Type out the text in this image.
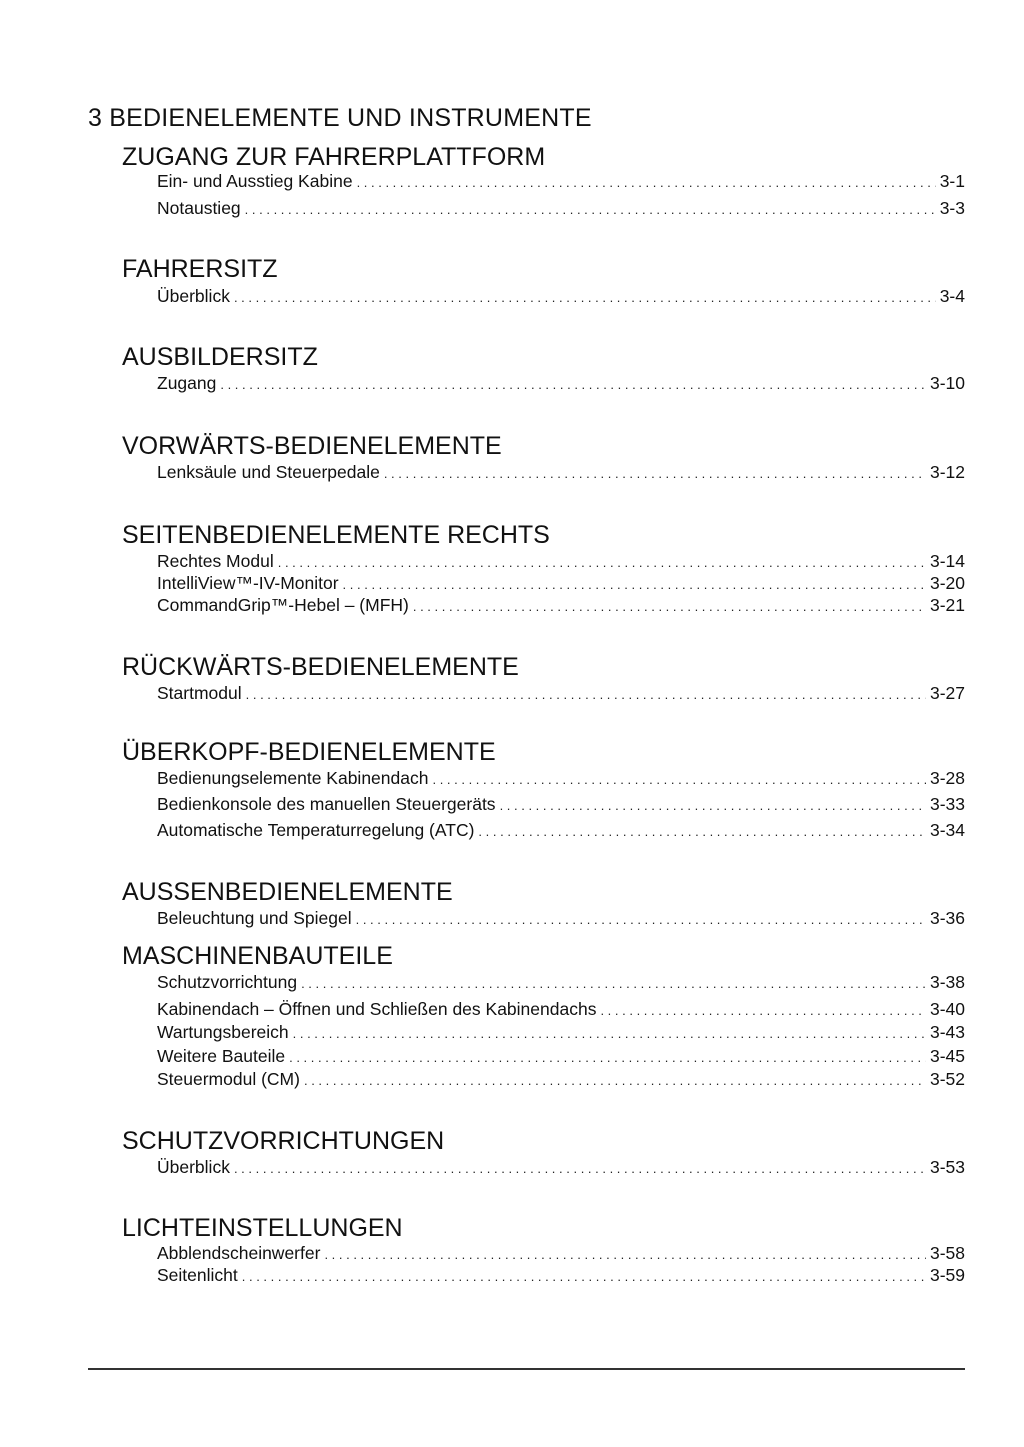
3 BEDIENELEMENTE UND INSTRUMENTE
ZUGANG ZUR FAHRERPLATTFORM
Ein- und Ausstieg Kabine . . .	3-1
Notaustieg . . .	3-3
FAHRERSITZ
Überblick . . .	3-4
AUSBILDERSITZ
Zugang . . .	3-10
VORWÄRTS-BEDIENELEMENTE
Lenksäule und Steuerpedale . . .	3-12
SEITENBEDIENELEMENTE RECHTS
Rechtes Modul . . .	3-14
IntelliView™-IV-Monitor . . .	3-20
CommandGrip™-Hebel – (MFH) . . .	3-21
RÜCKWÄRTS-BEDIENELEMENTE
Startmodul . . .	3-27
ÜBERKOPF-BEDIENELEMENTE
Bedienungselemente Kabinendach . . .	3-28
Bedienkonsole des manuellen Steuergeräts . . .	3-33
Automatische Temperaturregelung (ATC) . . .	3-34
AUSSENBEDIENELEMENTE
Beleuchtung und Spiegel . . .	3-36
MASCHINENBAUTEILE
Schutzvorrichtung . . .	3-38
Kabinendach – Öffnen und Schließen des Kabinendachs . . .	3-40
Wartungsbereich . . .	3-43
Weitere Bauteile . . .	3-45
Steuermodul (CM) . . .	3-52
SCHUTZVORRICHTUNGEN
Überblick . . .	3-53
LICHTEINSTELLUNGEN
Abblendscheinwerfer . . .	3-58
Seitenlicht . . .	3-59
